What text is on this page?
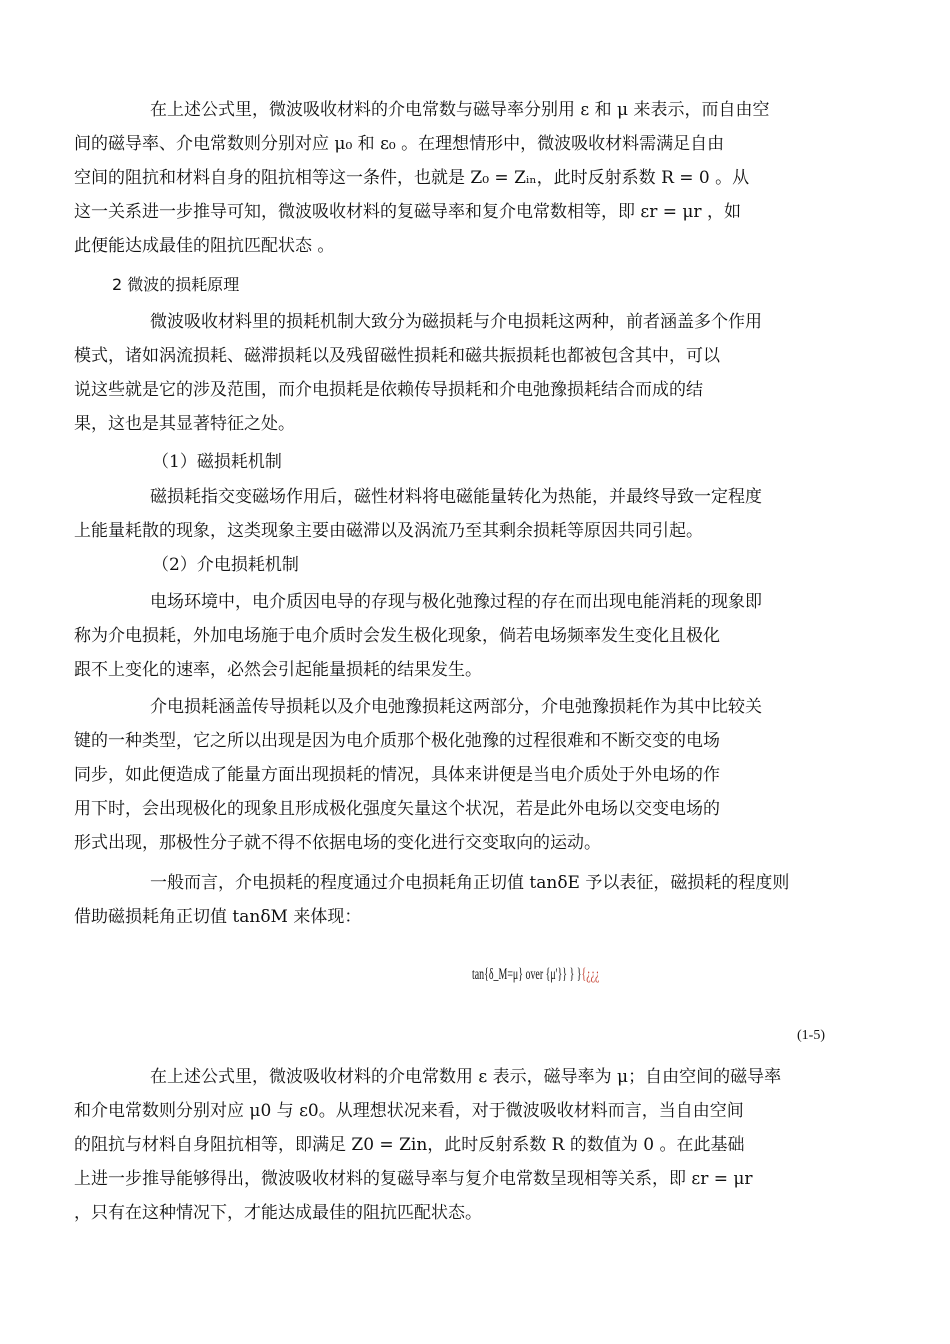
在上述公式里，微波吸收材料的介电常数与磁导率分别用 ε 和 μ 来表示，而自由空
间的磁导率、介电常数则分别对应 μ₀ 和 ε₀ 。在理想情形中，微波吸收材料需满足自由
空间的阻抗和材料自身的阻抗相等这一条件，也就是 Z₀ = Zᵢₙ，此时反射系数 R = 0 。从
这一关系进一步推导可知，微波吸收材料的复磁导率和复介电常数相等，即 εr = μr ，如
此便能达成最佳的阻抗匹配状态 。
2 微波的损耗原理
微波吸收材料里的损耗机制大致分为磁损耗与介电损耗这两种，前者涵盖多个作用
模式，诸如涡流损耗、磁滞损耗以及残留磁性损耗和磁共振损耗也都被包含其中，可以
说这些就是它的涉及范围，而介电损耗是依赖传导损耗和介电弛豫损耗结合而成的结
果，这也是其显著特征之处。
（1）磁损耗机制
磁损耗指交变磁场作用后，磁性材料将电磁能量转化为热能，并最终导致一定程度
上能量耗散的现象，这类现象主要由磁滞以及涡流乃至其剩余损耗等原因共同引起。
（2）介电损耗机制
电场环境中，电介质因电导的存现与极化弛豫过程的存在而出现电能消耗的现象即
称为介电损耗，外加电场施于电介质时会发生极化现象，倘若电场频率发生变化且极化
跟不上变化的速率，必然会引起能量损耗的结果发生。
介电损耗涵盖传导损耗以及介电弛豫损耗这两部分，介电弛豫损耗作为其中比较关
键的一种类型，它之所以出现是因为电介质那个极化弛豫的过程很难和不断交变的电场
同步，如此便造成了能量方面出现损耗的情况，具体来讲便是当电介质处于外电场的作
用下时，会出现极化的现象且形成极化强度矢量这个状况，若是此外电场以交变电场的
形式出现，那极性分子就不得不依据电场的变化进行交变取向的运动。
一般而言，介电损耗的程度通过介电损耗角正切值 tanδE 予以表征，磁损耗的程度则
借助磁损耗角正切值 tanδM 来体现：
tan{δ_M=μ} over {μ'}} } }{¿¿¿
(1-5)
在上述公式里，微波吸收材料的介电常数用 ε 表示，磁导率为 μ；自由空间的磁导率
和介电常数则分别对应 μ0 与 ε0。从理想状况来看，对于微波吸收材料而言，当自由空间
的阻抗与材料自身阻抗相等，即满足 Z0 = Zin，此时反射系数 R 的数值为 0 。在此基础
上进一步推导能够得出，微波吸收材料的复磁导率与复介电常数呈现相等关系，即 εr = μr
，只有在这种情况下，才能达成最佳的阻抗匹配状态。
